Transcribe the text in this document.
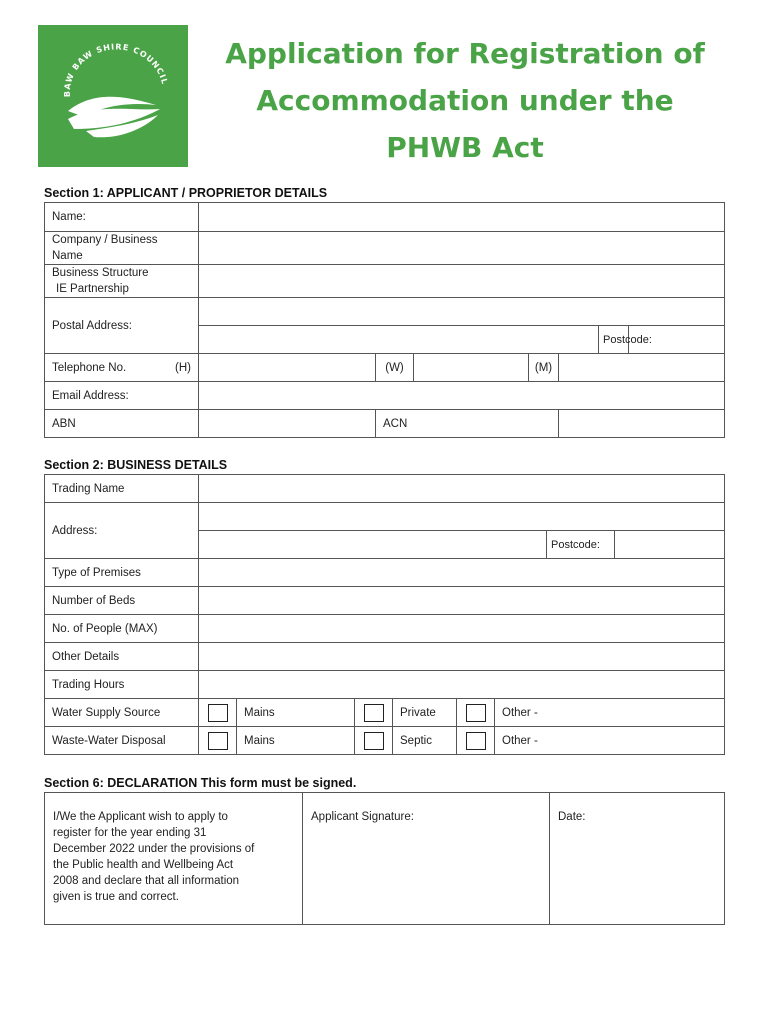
BAW BAW SHIRE COUNCIL
Application for Registration of
Accommodation under the
PHWB Act
Section 1: APPLICANT / PROPRIETOR DETAILS
Name:							

Company / Business
Name							

Business Structure
IE Partnership							

Postal Address:							
						Postcode:	
Telephone No. (H)		(W)		(M)			
Email Address:							
ABN		ACN					
Section 2: BUSINESS DETAILS
Trading Name								
Address:								
							Postcode:	
Type of Premises								
Number of Beds								
No. of People (MAX)								
Other Details								
Trading Hours								
Water Supply Source		Mains		Private		Other -		
Waste-Water Disposal		Mains		Septic		Other -		
Section 6: DECLARATION This form must be signed.
I/We the Applicant wish to apply to
register for the year ending 31
December 2022 under the provisions of
the Public health and Wellbeing Act
2008 and declare that all information
given is true and correct.
	Applicant Signature:	Date:
